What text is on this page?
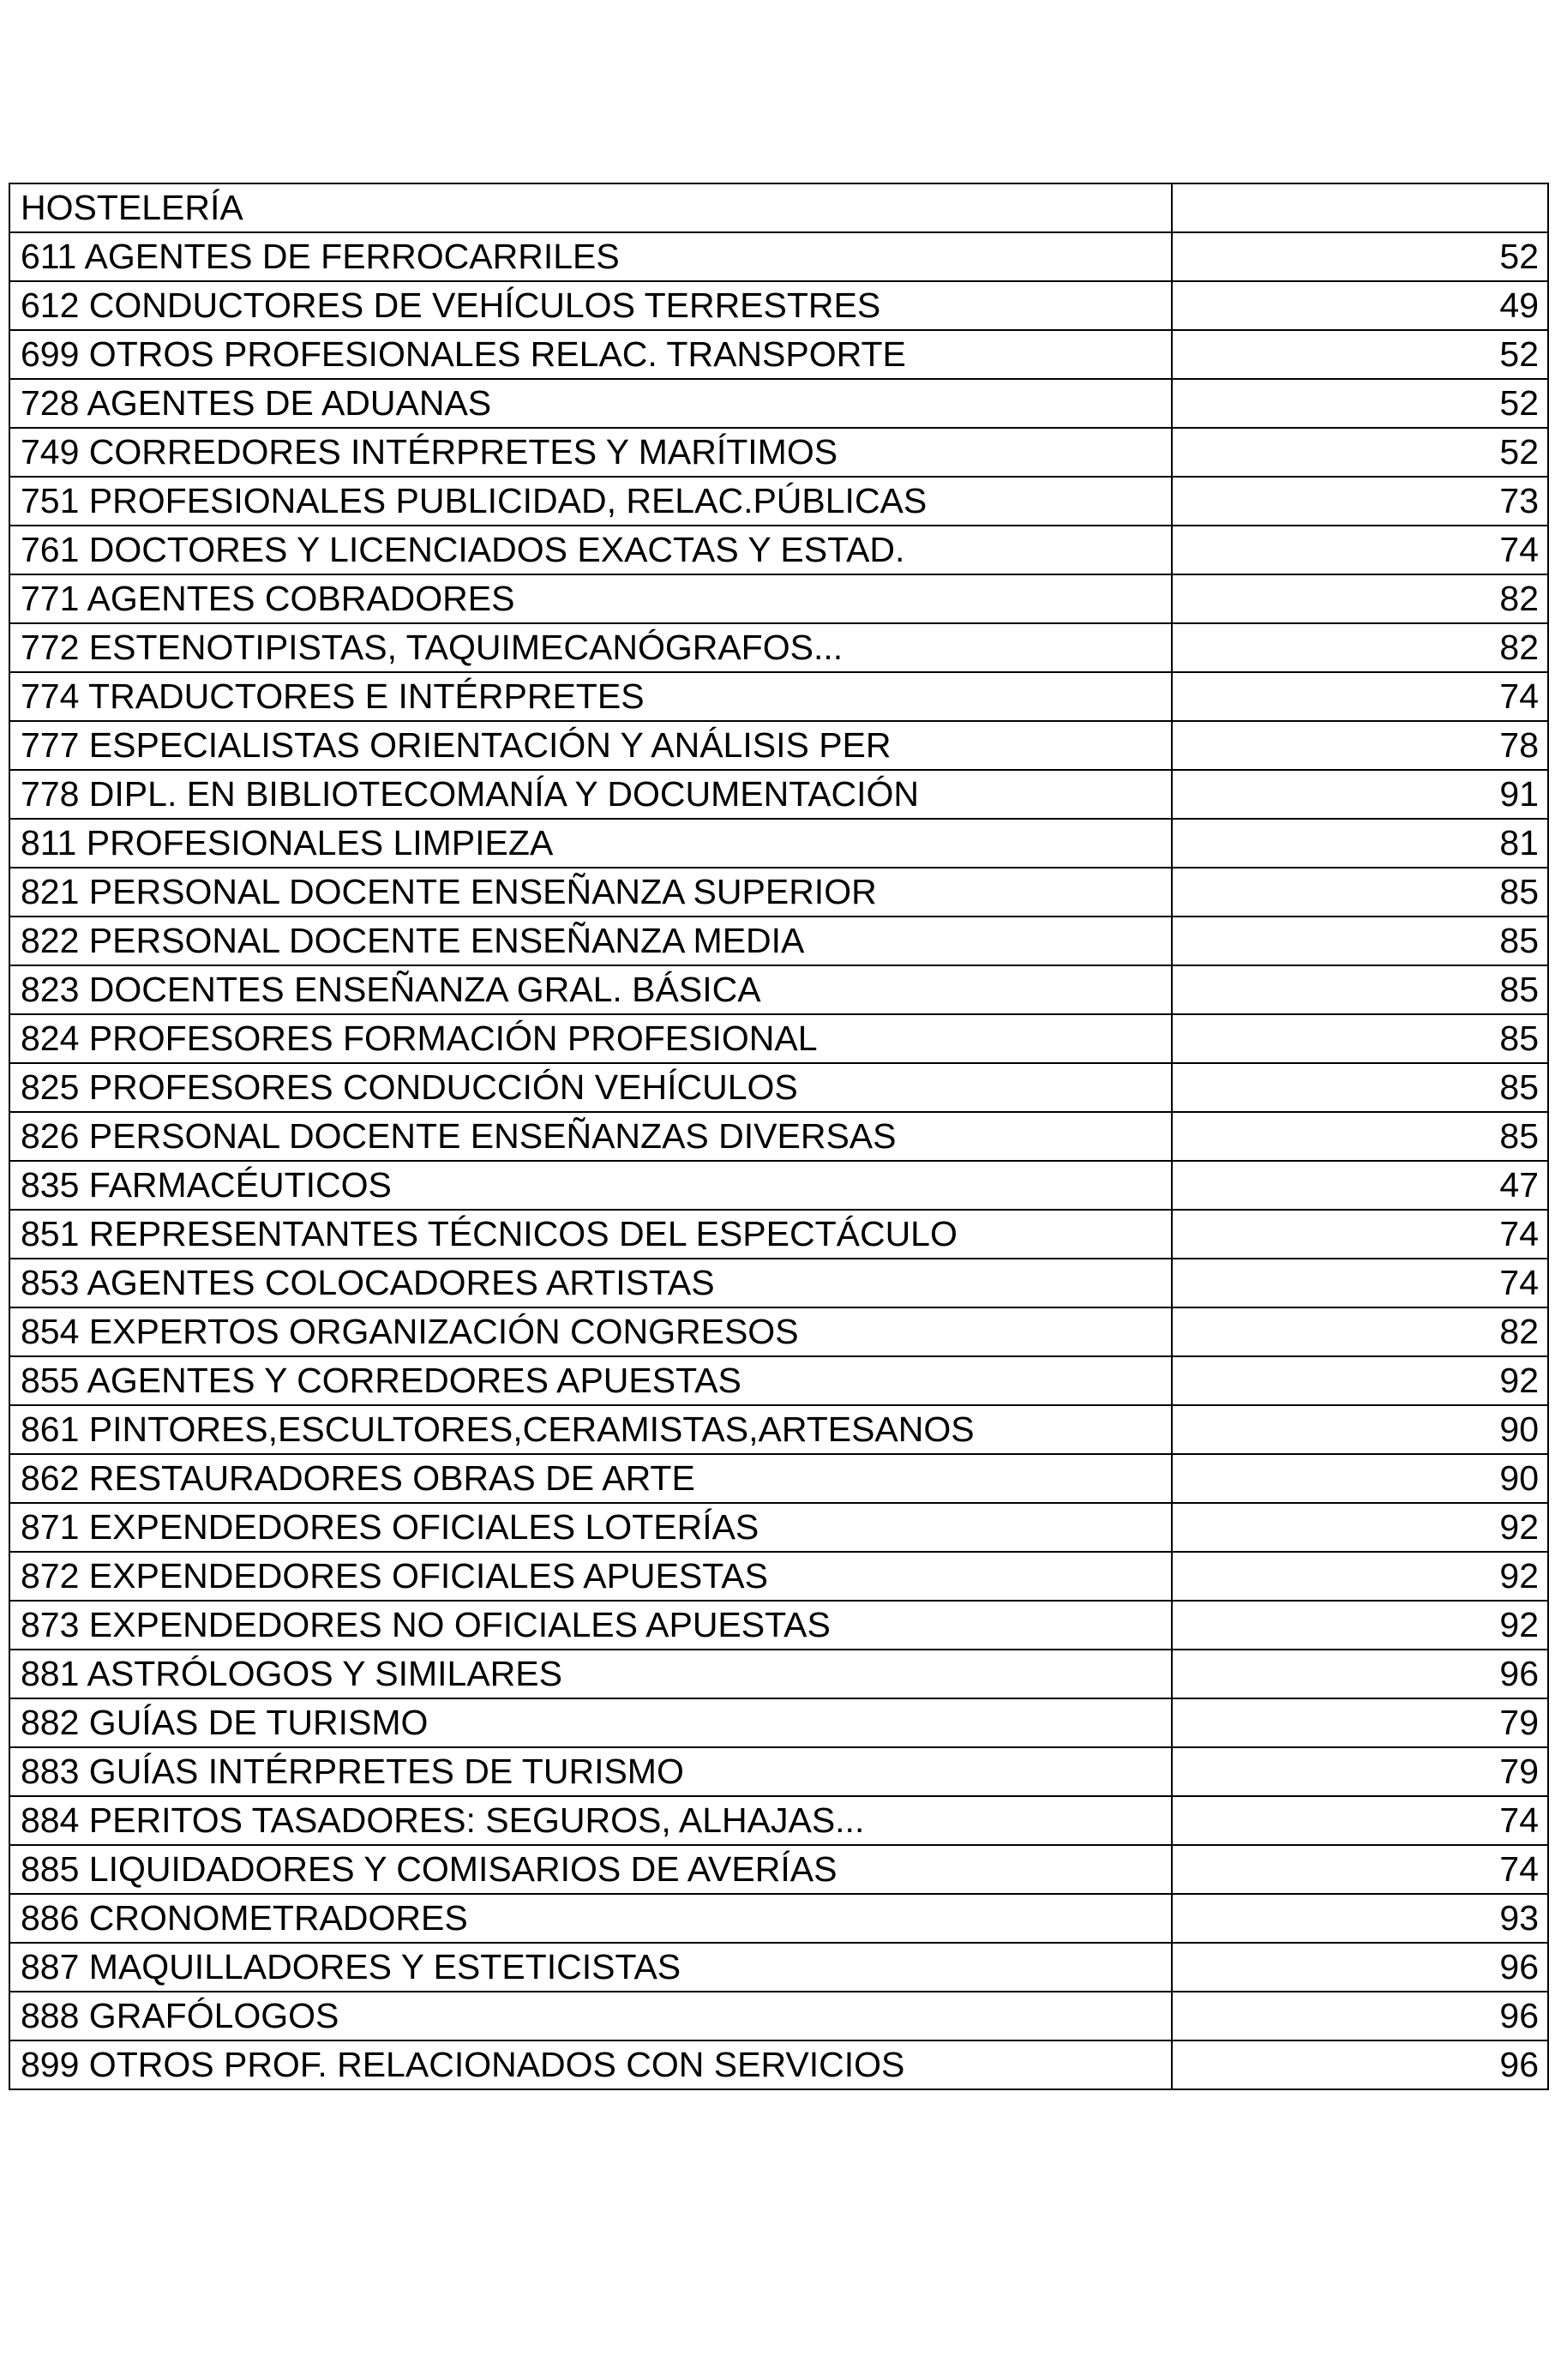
HOSTELERÍA	
611 AGENTES DE FERROCARRILES	52
612 CONDUCTORES DE VEHÍCULOS TERRESTRES	49
699 OTROS PROFESIONALES RELAC. TRANSPORTE	52
728 AGENTES DE ADUANAS	52
749 CORREDORES INTÉRPRETES Y MARÍTIMOS	52
751 PROFESIONALES PUBLICIDAD, RELAC.PÚBLICAS	73
761 DOCTORES Y LICENCIADOS EXACTAS Y ESTAD.	74
771 AGENTES COBRADORES	82
772 ESTENOTIPISTAS, TAQUIMECANÓGRAFOS...	82
774 TRADUCTORES E INTÉRPRETES	74
777 ESPECIALISTAS ORIENTACIÓN Y ANÁLISIS PER	78
778 DIPL. EN BIBLIOTECOMANÍA Y DOCUMENTACIÓN	91
811 PROFESIONALES LIMPIEZA	81
821 PERSONAL DOCENTE ENSEÑANZA SUPERIOR	85
822 PERSONAL DOCENTE ENSEÑANZA MEDIA	85
823 DOCENTES ENSEÑANZA GRAL. BÁSICA	85
824 PROFESORES FORMACIÓN PROFESIONAL	85
825 PROFESORES CONDUCCIÓN VEHÍCULOS	85
826 PERSONAL DOCENTE ENSEÑANZAS DIVERSAS	85
835 FARMACÉUTICOS	47
851 REPRESENTANTES TÉCNICOS DEL ESPECTÁCULO	74
853 AGENTES COLOCADORES ARTISTAS	74
854 EXPERTOS ORGANIZACIÓN CONGRESOS	82
855 AGENTES Y CORREDORES APUESTAS	92
861 PINTORES,ESCULTORES,CERAMISTAS,ARTESANOS	90
862 RESTAURADORES OBRAS DE ARTE	90
871 EXPENDEDORES OFICIALES LOTERÍAS	92
872 EXPENDEDORES OFICIALES APUESTAS	92
873 EXPENDEDORES NO OFICIALES APUESTAS	92
881 ASTRÓLOGOS Y SIMILARES	96
882 GUÍAS DE TURISMO	79
883 GUÍAS INTÉRPRETES DE TURISMO	79
884 PERITOS TASADORES: SEGUROS, ALHAJAS...	74
885 LIQUIDADORES Y COMISARIOS DE AVERÍAS	74
886 CRONOMETRADORES	93
887 MAQUILLADORES Y ESTETICISTAS	96
888 GRAFÓLOGOS	96
899 OTROS PROF. RELACIONADOS CON SERVICIOS	96
